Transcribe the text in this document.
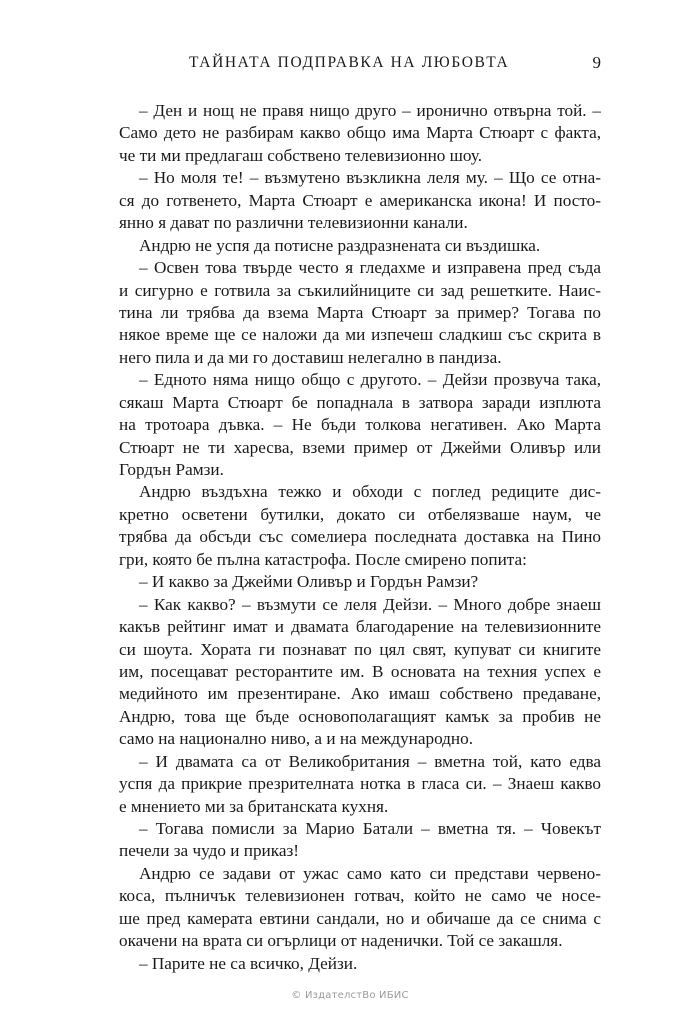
ТАЙНАТА ПОДПРАВКА НА ЛЮБОВТА	9
– Ден и нощ не правя нищо друго – иронично отвърна той. –
Само дето не разбирам какво общо има Марта Стюарт с факта,
че ти ми предлагаш собствено телевизионно шоу.
– Но моля те! – възмутено възкликна леля му. – Що се отна-
ся до готвенето, Марта Стюарт е американска икона! И посто-
янно я дават по различни телевизионни канали.
Андрю не успя да потисне раздразнената си въздишка.
– Освен това твърде често я гледахме и изправена пред съда
и сигурно е готвила за съкилийниците си зад решетките. Наис-
тина ли трябва да взема Марта Стюарт за пример? Тогава по
някое време ще се наложи да ми изпечеш сладкиш със скрита в
него пила и да ми го доставиш нелегално в пандиза.
– Едното няма нищо общо с другото. – Дейзи прозвуча така,
сякаш Марта Стюарт бе попаднала в затвора заради изплюта
на тротоара дъвка. – Не бъди толкова негативен. Ако Марта
Стюарт не ти харесва, вземи пример от Джейми Оливър или
Гордън Рамзи.
Андрю въздъхна тежко и обходи с поглед редиците дис-
кретно осветени бутилки, докато си отбелязваше наум, че
трябва да обсъди със сомелиера последната доставка на Пино
гри, която бе пълна катастрофа. После смирено попита:
– И какво за Джейми Оливър и Гордън Рамзи?
– Как какво? – възмути се леля Дейзи. – Много добре знаеш
какъв рейтинг имат и двамата благодарение на телевизионните
си шоута. Хората ги познават по цял свят, купуват си книгите
им, посещават ресторантите им. В основата на техния успех е
медийното им презентиране. Ако имаш собствено предаване,
Андрю, това ще бъде основополагащият камък за пробив не
само на национално ниво, а и на международно.
– И двамата са от Великобритания – вметна той, като едва
успя да прикрие презрителната нотка в гласа си. – Знаеш какво
е мнението ми за британската кухня.
– Тогава помисли за Марио Батали – вметна тя. – Човекът
печели за чудо и приказ!
Андрю се задави от ужас само като си представи червено-
коса, пълничък телевизионен готвач, който не само че носе-
ше пред камерата евтини сандали, но и обичаше да се снима с
окачени на врата си огърлици от наденички. Той се закашля.
– Парите не са всичко, Дейзи.
© ИздателстВо ИБИС
